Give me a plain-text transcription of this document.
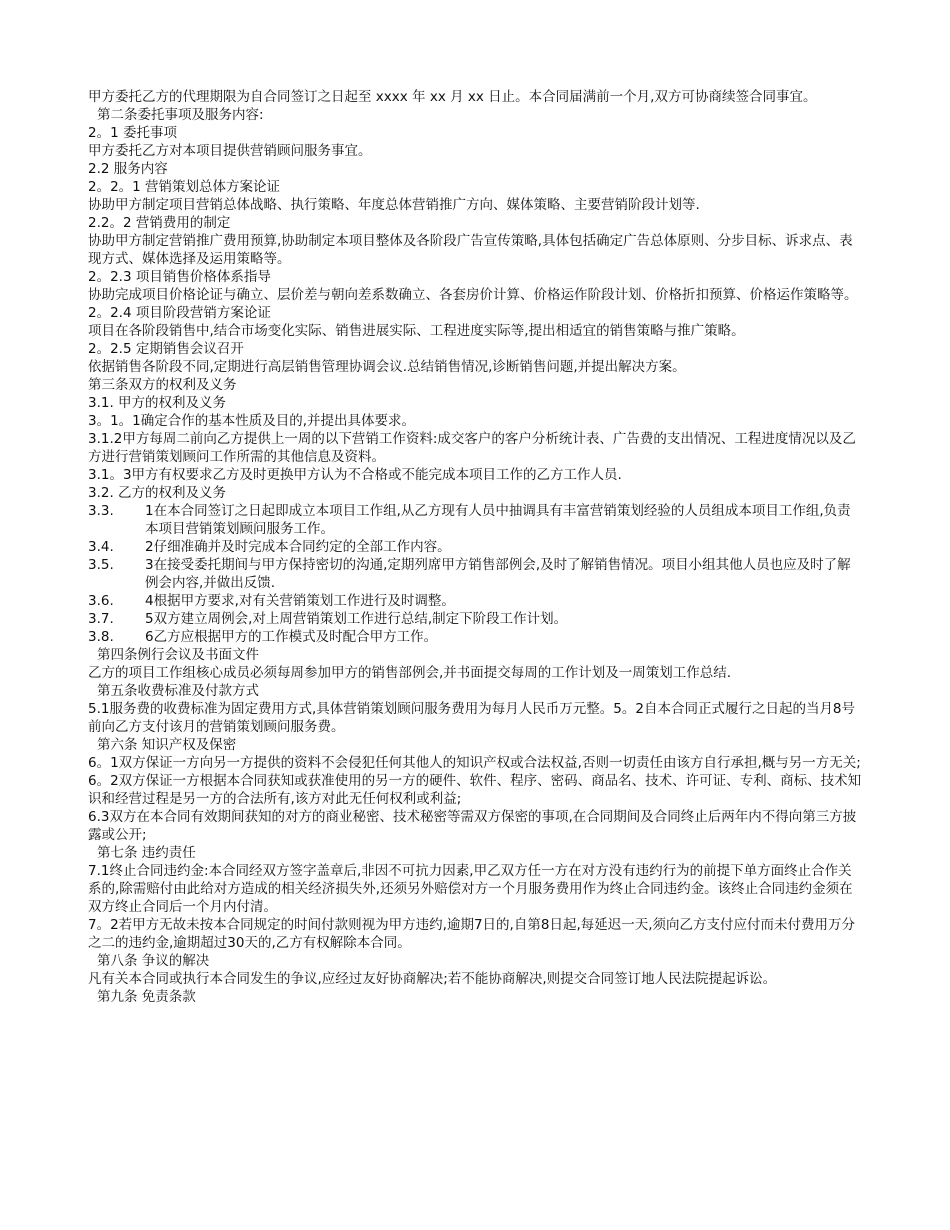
甲方委托乙方的代理期限为自合同签订之日起至 xxxx 年 xx 月 xx 日止。本合同届满前一个月,双方可协商续签合同事宜。

第二条委托事项及服务内容:

2。1 委托事项

甲方委托乙方对本项目提供营销顾问服务事宜。

2.2 服务内容

2。2。1 营销策划总体方案论证

协助甲方制定项目营销总体战略、执行策略、年度总体营销推广方向、媒体策略、主要营销阶段计划等.

2.2。2 营销费用的制定

协助甲方制定营销推广费用预算,协助制定本项目整体及各阶段广告宣传策略,具体包括确定广告总体原则、分步目标、诉求点、表现方式、媒体选择及运用策略等。

2。2.3 项目销售价格体系指导

协助完成项目价格论证与确立、层价差与朝向差系数确立、各套房价计算、价格运作阶段计划、价格折扣预算、价格运作策略等。

2。2.4 项目阶段营销方案论证

项目在各阶段销售中,结合市场变化实际、销售进展实际、工程进度实际等,提出相适宜的销售策略与推广策略。

2。2.5 定期销售会议召开

依据销售各阶段不同,定期进行高层销售管理协调会议.总结销售情况,诊断销售问题,并提出解决方案。

第三条双方的权利及义务

3.1. 甲方的权利及义务

3。1。1确定合作的基本性质及目的,并提出具体要求。

3.1.2甲方每周二前向乙方提供上一周的以下营销工作资料:成交客户的客户分析统计表、广告费的支出情况、工程进度情况以及乙方进行营销策划顾问工作所需的其他信息及资料。

3.1。3甲方有权要求乙方及时更换甲方认为不合格或不能完成本项目工作的乙方工作人员.

3.2. 乙方的权利及义务

3.3.	1在本合同签订之日起即成立本项目工作组,从乙方现有人员中抽调具有丰富营销策划经验的人员组成本项目工作组,负责本项目营销策划顾问服务工作。
3.4.	2仔细准确并及时完成本合同约定的全部工作内容。
3.5.	3在接受委托期间与甲方保持密切的沟通,定期列席甲方销售部例会,及时了解销售情况。项目小组其他人员也应及时了解例会内容,并做出反馈.
3.6.	4根据甲方要求,对有关营销策划工作进行及时调整。
3.7.	5双方建立周例会,对上周营销策划工作进行总结,制定下阶段工作计划。
3.8.	6乙方应根据甲方的工作模式及时配合甲方工作。

第四条例行会议及书面文件

乙方的项目工作组核心成员必须每周参加甲方的销售部例会,并书面提交每周的工作计划及一周策划工作总结.

第五条收费标准及付款方式

5.1服务费的收费标准为固定费用方式,具体营销策划顾问服务费用为每月人民币万元整。5。2自本合同正式履行之日起的当月8号前向乙方支付该月的营销策划顾问服务费。

第六条 知识产权及保密

6。1双方保证一方向另一方提供的资料不会侵犯任何其他人的知识产权或合法权益,否则一切责任由该方自行承担,概与另一方无关;

6。2双方保证一方根据本合同获知或获准使用的另一方的硬件、软件、程序、密码、商品名、技术、许可证、专利、商标、技术知识和经营过程是另一方的合法所有,该方对此无任何权利或利益;

6.3双方在本合同有效期间获知的对方的商业秘密、技术秘密等需双方保密的事项,在合同期间及合同终止后两年内不得向第三方披露或公开;

第七条 违约责任

7.1终止合同违约金:本合同经双方签字盖章后,非因不可抗力因素,甲乙双方任一方在对方没有违约行为的前提下单方面终止合作关系的,除需赔付由此给对方造成的相关经济损失外,还须另外赔偿对方一个月服务费用作为终止合同违约金。该终止合同违约金须在双方终止合同后一个月内付清。

7。2若甲方无故未按本合同规定的时间付款则视为甲方违约,逾期7日的,自第8日起,每延迟一天,须向乙方支付应付而未付费用万分之二的违约金,逾期超过30天的,乙方有权解除本合同。

第八条 争议的解决

凡有关本合同或执行本合同发生的争议,应经过友好协商解决;若不能协商解决,则提交合同签订地人民法院提起诉讼。

第九条 免责条款
